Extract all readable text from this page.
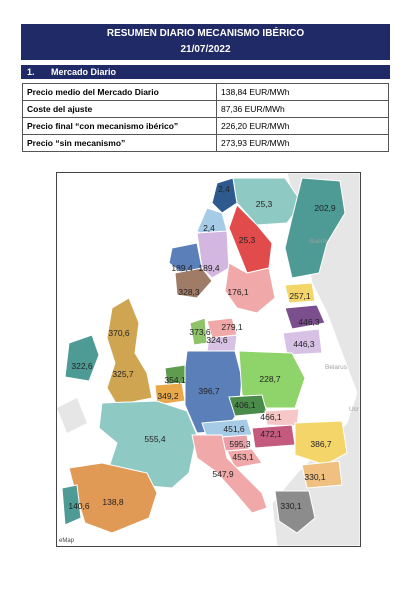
RESUMEN DIARIO MECANISMO IBÉRICO
21/07/2022
1. Mercado Diario
Precio medio del Mercado Diario	138,84 EUR/MWh
Coste del ajuste	87,36 EUR/MWh
Precio final “con mecanismo ibérico”	226,20 EUR/MWh
Precio “sin mecanismo”	273,93 EUR/MWh
Suomi
Belarus
Ucr
2,4
25,3	202,9
2,4
25,3
189,4 189,4
328,3	176,1	257,1
446,3
446,3
373,6 279,1
324,6
370,6
322,6
325,7
354,1
349,2 396,7
228,7
406,1
466,1
451,6 472,1
595,3
453,1
386,7
555,4
547,9	330,1
330,1
138,8
140,6
eMap
